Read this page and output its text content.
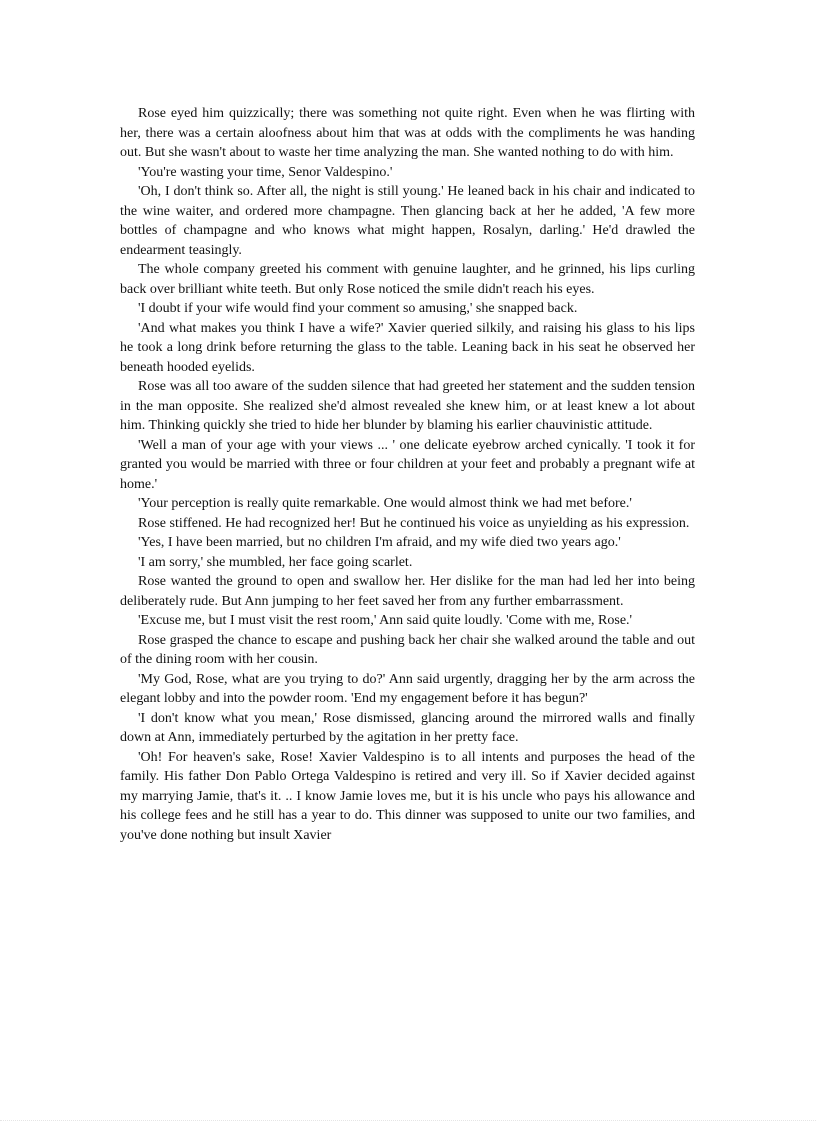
Rose eyed him quizzically; there was something not quite right. Even when he was flirting with her, there was a certain aloofness about him that was at odds with the compliments he was handing out. But she wasn't about to waste her time analyzing the man. She wanted nothing to do with him.

'You're wasting your time, Senor Valdespino.'

'Oh, I don't think so. After all, the night is still young.' He leaned back in his chair and indicated to the wine waiter, and ordered more champagne. Then glancing back at her he added, 'A few more bottles of champagne and who knows what might happen, Rosalyn, darling.' He'd drawled the endearment teasingly.

The whole company greeted his comment with genuine laughter, and he grinned, his lips curling back over brilliant white teeth. But only Rose noticed the smile didn't reach his eyes.

'I doubt if your wife would find your comment so amusing,' she snapped back.

'And what makes you think I have a wife?' Xavier queried silkily, and raising his glass to his lips he took a long drink before returning the glass to the table. Leaning back in his seat he observed her beneath hooded eyelids.

Rose was all too aware of the sudden silence that had greeted her statement and the sudden tension in the man opposite. She realized she'd almost revealed she knew him, or at least knew a lot about him. Thinking quickly she tried to hide her blunder by blaming his earlier chauvinistic attitude.

'Well a man of your age with your views ... ' one delicate eyebrow arched cynically. 'I took it for granted you would be married with three or four children at your feet and probably a pregnant wife at home.'

'Your perception is really quite remarkable. One would almost think we had met before.'

Rose stiffened. He had recognized her! But he continued his voice as unyielding as his expression.

'Yes, I have been married, but no children I'm afraid, and my wife died two years ago.'

'I am sorry,' she mumbled, her face going scarlet.

Rose wanted the ground to open and swallow her. Her dislike for the man had led her into being deliberately rude. But Ann jumping to her feet saved her from any further embarrassment.

'Excuse me, but I must visit the rest room,' Ann said quite loudly. 'Come with me, Rose.'

Rose grasped the chance to escape and pushing back her chair she walked around the table and out of the dining room with her cousin.

'My God, Rose, what are you trying to do?' Ann said urgently, dragging her by the arm across the elegant lobby and into the powder room. 'End my engagement before it has begun?'

'I don't know what you mean,' Rose dismissed, glancing around the mirrored walls and finally down at Ann, immediately perturbed by the agitation in her pretty face.

'Oh! For heaven's sake, Rose! Xavier Valdespino is to all intents and purposes the head of the family. His father Don Pablo Ortega Valdespino is retired and very ill. So if Xavier decided against my marrying Jamie, that's it. .. I know Jamie loves me, but it is his uncle who pays his allowance and his college fees and he still has a year to do. This dinner was supposed to unite our two families, and you've done nothing but insult Xavier
